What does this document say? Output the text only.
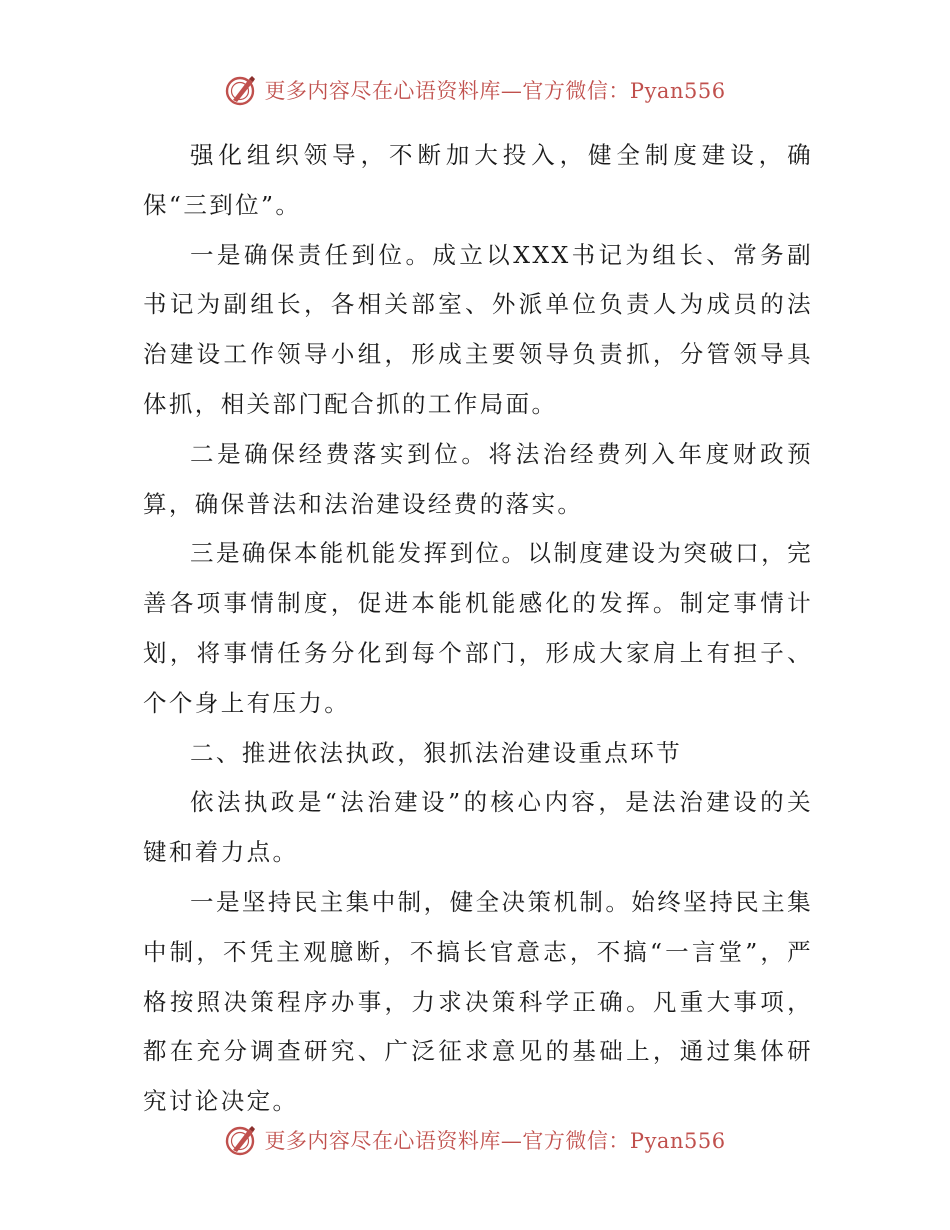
更多内容尽在心语资料库—官方微信：Pyan556

强化组织领导，不断加大投入，健全制度建设，确保“三到位”。

一是确保责任到位。成立以XXX书记为组长、常务副书记为副组长，各相关部室、外派单位负责人为成员的法治建设工作领导小组，形成主要领导负责抓，分管领导具体抓，相关部门配合抓的工作局面。

二是确保经费落实到位。将法治经费列入年度财政预算，确保普法和法治建设经费的落实。

三是确保本能机能发挥到位。以制度建设为突破口，完善各项事情制度，促进本能机能感化的发挥。制定事情计划，将事情任务分化到每个部门，形成大家肩上有担子、个个身上有压力。

二、推进依法执政，狠抓法治建设重点环节

依法执政是“法治建设”的核心内容，是法治建设的关键和着力点。

一是坚持民主集中制，健全决策机制。始终坚持民主集中制，不凭主观臆断，不搞长官意志，不搞“一言堂”，严格按照决策程序办事，力求决策科学正确。凡重大事项，都在充分调查研究、广泛征求意见的基础上，通过集体研究讨论决定。

更多内容尽在心语资料库—官方微信：Pyan556
